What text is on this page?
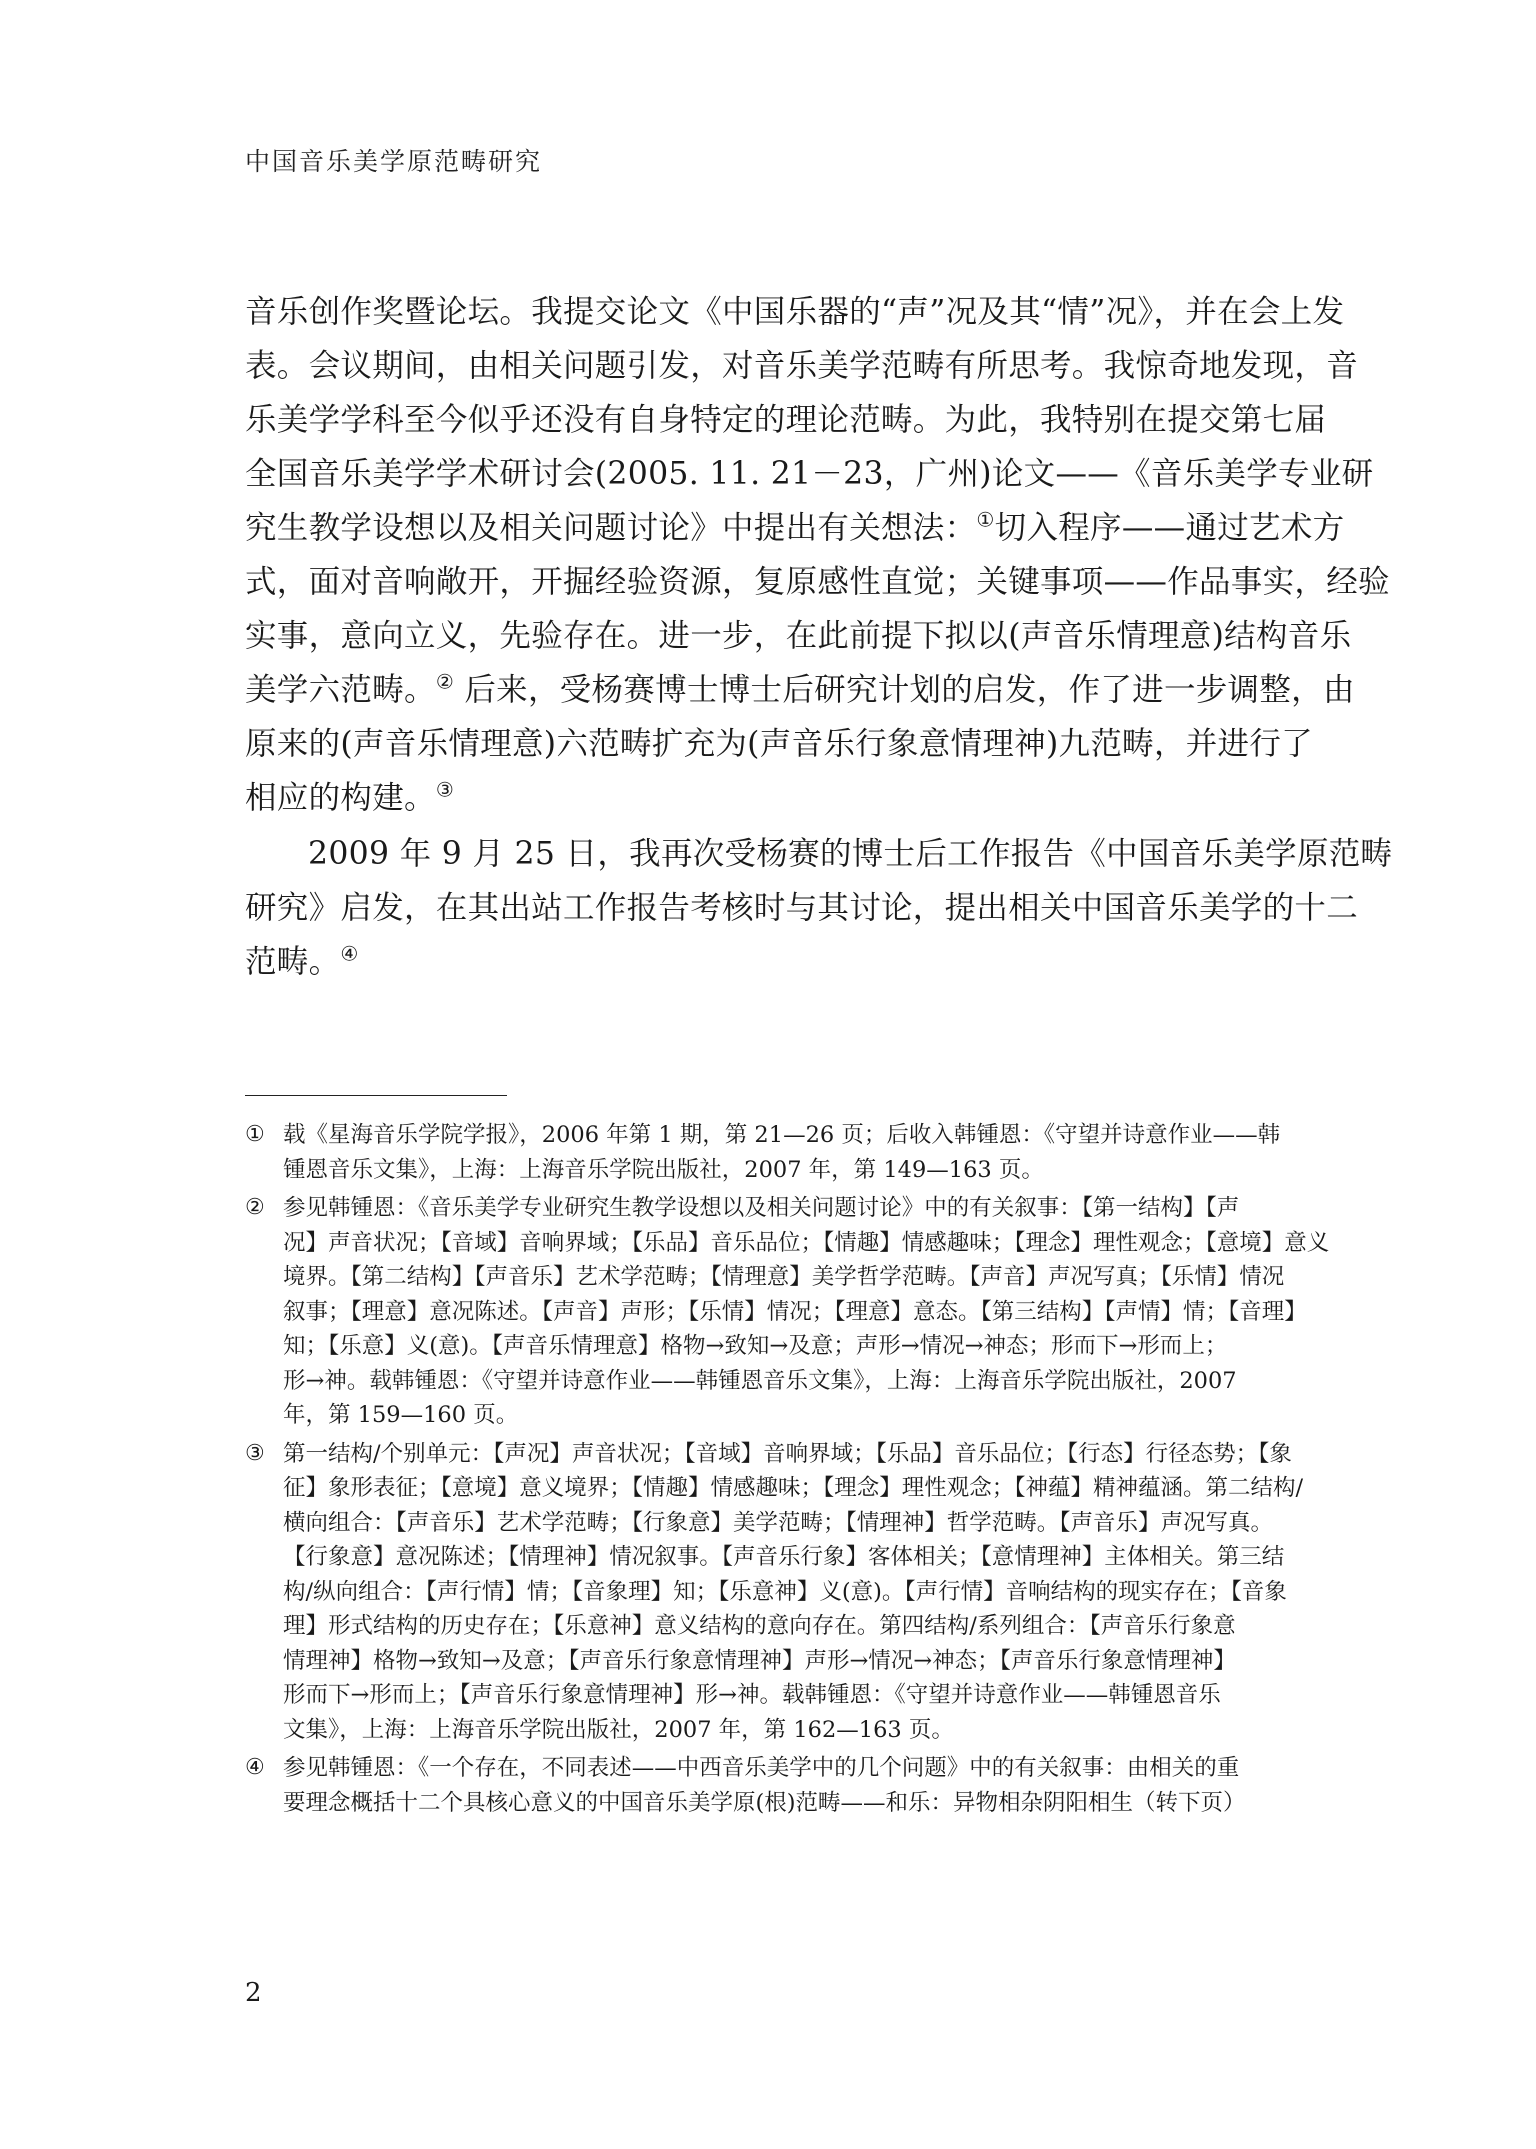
中国音乐美学原范畴研究

音乐创作奖暨论坛。我提交论文《中国乐器的“声”况及其“情”况》，并在会上发
表。会议期间，由相关问题引发，对音乐美学范畴有所思考。我惊奇地发现，音
乐美学学科至今似乎还没有自身特定的理论范畴。为此，我特别在提交第七届
全国音乐美学学术研讨会(2005. 11. 21－23，广州)论文——《音乐美学专业研
究生教学设想以及相关问题讨论》中提出有关想法：①切入程序——通过艺术方
式，面对音响敞开，开掘经验资源，复原感性直觉；关键事项——作品事实，经验
实事，意向立义，先验存在。进一步，在此前提下拟以(声音乐情理意)结构音乐
美学六范畴。② 后来，受杨赛博士博士后研究计划的启发，作了进一步调整，由
原来的(声音乐情理意)六范畴扩充为(声音乐行象意情理神)九范畴，并进行了
相应的构建。③

2009 年 9 月 25 日，我再次受杨赛的博士后工作报告《中国音乐美学原范畴
研究》启发，在其出站工作报告考核时与其讨论，提出相关中国音乐美学的十二
范畴。④

① 载《星海音乐学院学报》，2006 年第 1 期，第 21—26 页；后收入韩锺恩：《守望并诗意作业——韩
锺恩音乐文集》，上海：上海音乐学院出版社，2007 年，第 149—163 页。
② 参见韩锺恩：《音乐美学专业研究生教学设想以及相关问题讨论》中的有关叙事：【第一结构】【声
况】声音状况；【音域】音响界域；【乐品】音乐品位；【情趣】情感趣味；【理念】理性观念；【意境】意义
境界。【第二结构】【声音乐】艺术学范畴；【情理意】美学哲学范畴。【声音】声况写真；【乐情】情况
叙事；【理意】意况陈述。【声音】声形；【乐情】情况；【理意】意态。【第三结构】【声情】情；【音理】
知；【乐意】义(意)。【声音乐情理意】格物→致知→及意；声形→情况→神态；形而下→形而上；
形→神。载韩锺恩：《守望并诗意作业——韩锺恩音乐文集》，上海：上海音乐学院出版社，2007
年，第 159—160 页。
③ 第一结构/个别单元：【声况】声音状况；【音域】音响界域；【乐品】音乐品位；【行态】行径态势；【象
征】象形表征；【意境】意义境界；【情趣】情感趣味；【理念】理性观念；【神蕴】精神蕴涵。第二结构/
横向组合：【声音乐】艺术学范畴；【行象意】美学范畴；【情理神】哲学范畴。【声音乐】声况写真。
【行象意】意况陈述；【情理神】情况叙事。【声音乐行象】客体相关；【意情理神】主体相关。第三结
构/纵向组合：【声行情】情；【音象理】知；【乐意神】义(意)。【声行情】音响结构的现实存在；【音象
理】形式结构的历史存在；【乐意神】意义结构的意向存在。第四结构/系列组合：【声音乐行象意
情理神】格物→致知→及意；【声音乐行象意情理神】声形→情况→神态；【声音乐行象意情理神】
形而下→形而上；【声音乐行象意情理神】形→神。载韩锺恩：《守望并诗意作业——韩锺恩音乐
文集》，上海：上海音乐学院出版社，2007 年，第 162—163 页。
④ 参见韩锺恩：《一个存在，不同表述——中西音乐美学中的几个问题》中的有关叙事：由相关的重
要理念概括十二个具核心意义的中国音乐美学原(根)范畴——和乐：异物相杂阴阳相生（转下页）
2
